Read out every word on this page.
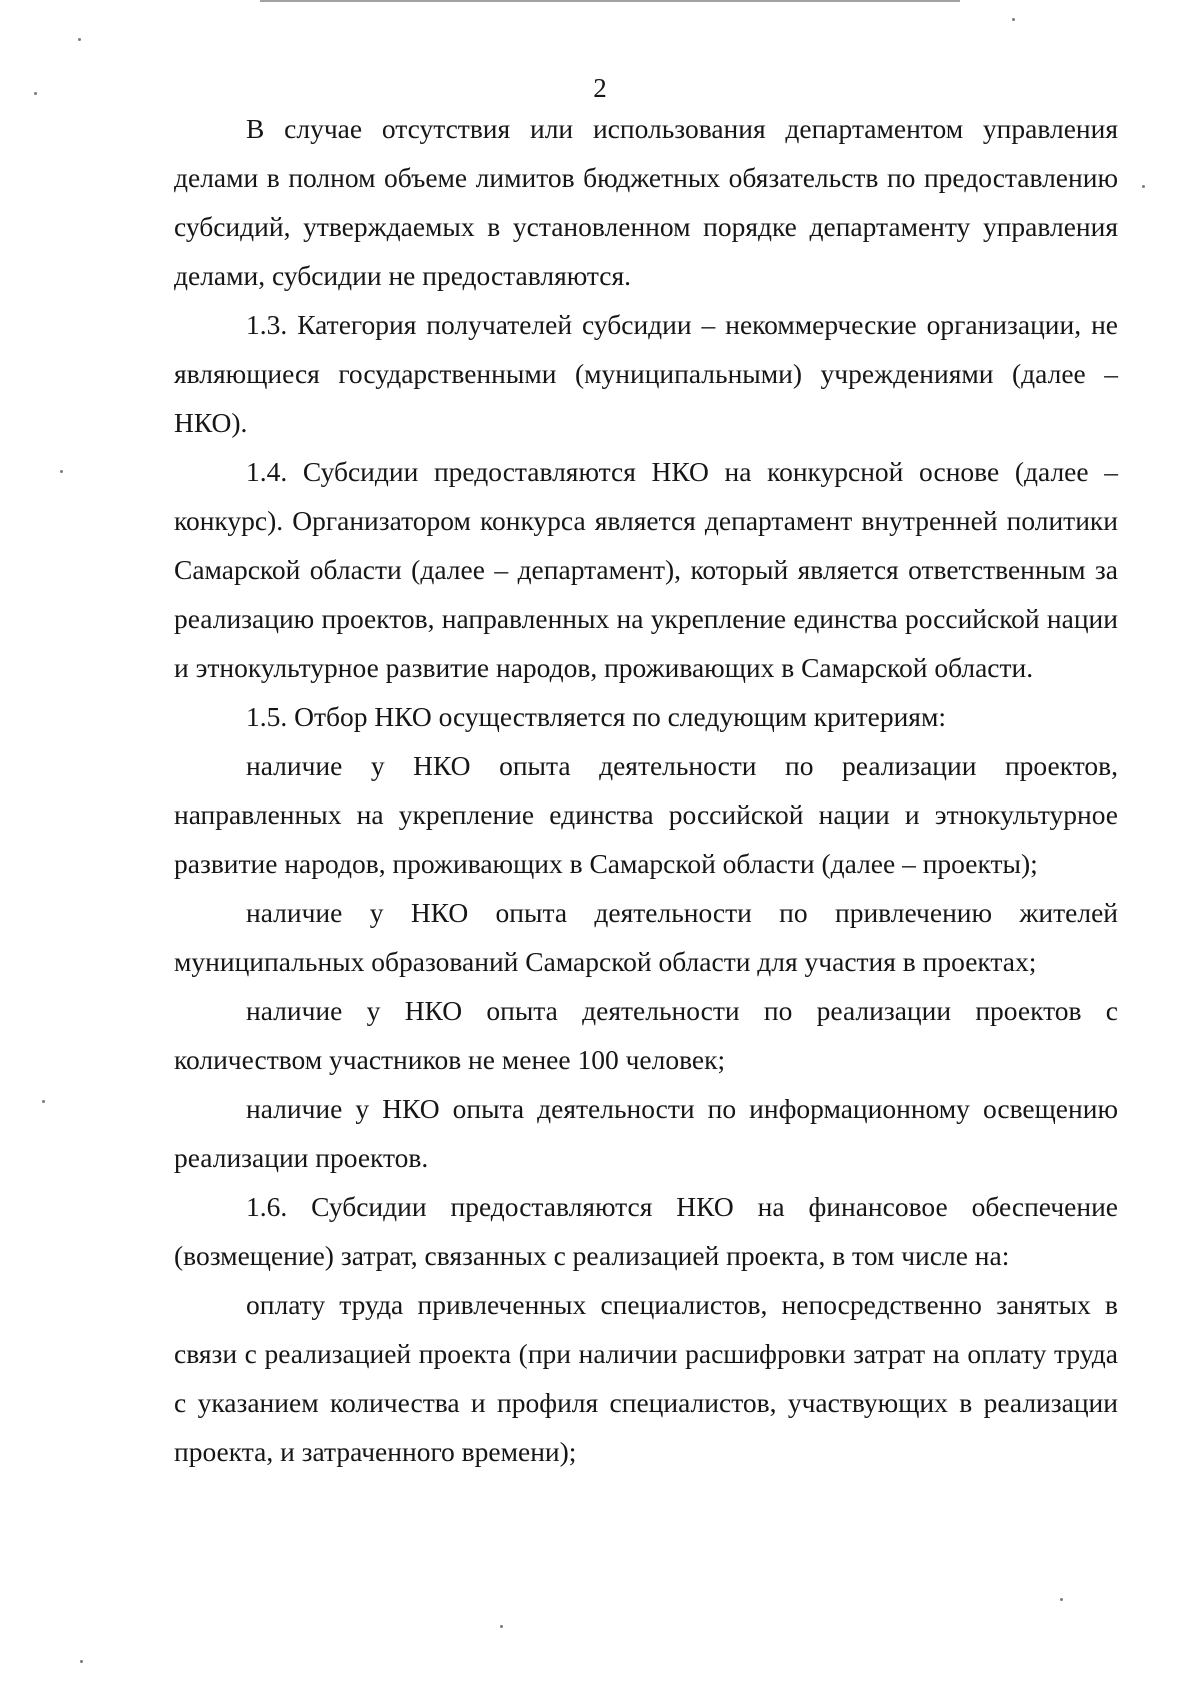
2

В случае отсутствия или использования департаментом управления делами в полном объеме лимитов бюджетных обязательств по предоставлению субсидий, утверждаемых в установленном порядке департаменту управления делами, субсидии не предоставляются.

1.3. Категория получателей субсидии – некоммерческие организации, не являющиеся государственными (муниципальными) учреждениями (далее – НКО).

1.4. Субсидии предоставляются НКО на конкурсной основе (далее – конкурс). Организатором конкурса является департамент внутренней политики Самарской области (далее – департамент), который является ответственным за реализацию проектов, направленных на укрепление единства российской нации и этнокультурное развитие народов, проживающих в Самарской области.

1.5. Отбор НКО осуществляется по следующим критериям:

наличие у НКО опыта деятельности по реализации проектов, направленных на укрепление единства российской нации и этнокультурное развитие народов, проживающих в Самарской области (далее – проекты);

наличие у НКО опыта деятельности по привлечению жителей муниципальных образований Самарской области для участия в проектах;

наличие у НКО опыта деятельности по реализации проектов с количеством участников не менее 100 человек;

наличие у НКО опыта деятельности по информационному освещению реализации проектов.

1.6. Субсидии предоставляются НКО на финансовое обеспечение (возмещение) затрат, связанных с реализацией проекта, в том числе на:

оплату труда привлеченных специалистов, непосредственно занятых в связи с реализацией проекта (при наличии расшифровки затрат на оплату труда с указанием количества и профиля специалистов, участвующих в реализации проекта, и затраченного времени);
